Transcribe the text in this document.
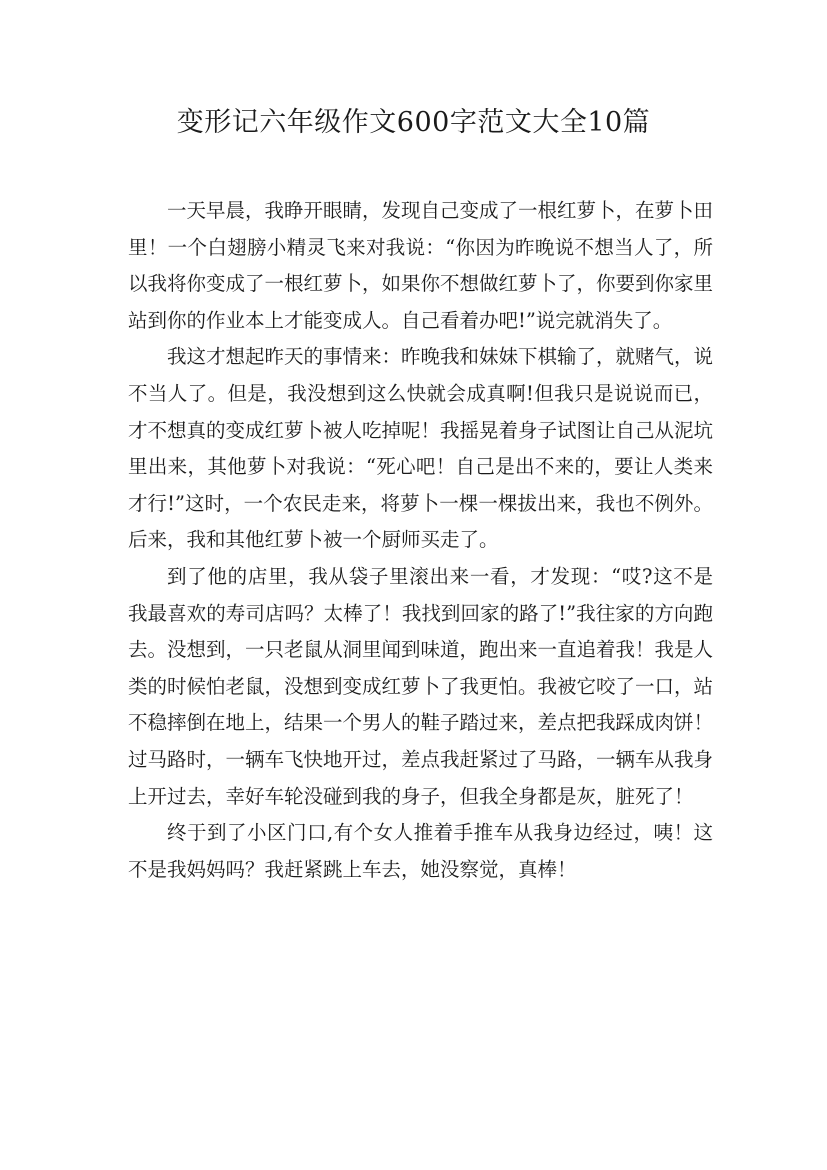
变形记六年级作文600字范文大全10篇

一天早晨，我睁开眼睛，发现自己变成了一根红萝卜，在萝卜田里！一个白翅膀小精灵飞来对我说：“你因为昨晚说不想当人了，所以我将你变成了一根红萝卜，如果你不想做红萝卜了，你要到你家里站到你的作业本上才能变成人。自己看着办吧!”说完就消失了。

我这才想起昨天的事情来：昨晚我和妹妹下棋输了，就赌气，说不当人了。但是，我没想到这么快就会成真啊!但我只是说说而已，才不想真的变成红萝卜被人吃掉呢！我摇晃着身子试图让自己从泥坑里出来，其他萝卜对我说：“死心吧！自己是出不来的，要让人类来才行!”这时，一个农民走来，将萝卜一棵一棵拔出来，我也不例外。后来，我和其他红萝卜被一个厨师买走了。

到了他的店里，我从袋子里滚出来一看，才发现：“哎?这不是我最喜欢的寿司店吗？太棒了！我找到回家的路了!”我往家的方向跑去。没想到，一只老鼠从洞里闻到味道，跑出来一直追着我！我是人类的时候怕老鼠，没想到变成红萝卜了我更怕。我被它咬了一口，站不稳摔倒在地上，结果一个男人的鞋子踏过来，差点把我踩成肉饼！过马路时，一辆车飞快地开过，差点我赶紧过了马路，一辆车从我身上开过去，幸好车轮没碰到我的身子，但我全身都是灰，脏死了！

终于到了小区门口,有个女人推着手推车从我身边经过，咦！这不是我妈妈吗？我赶紧跳上车去，她没察觉，真棒！
